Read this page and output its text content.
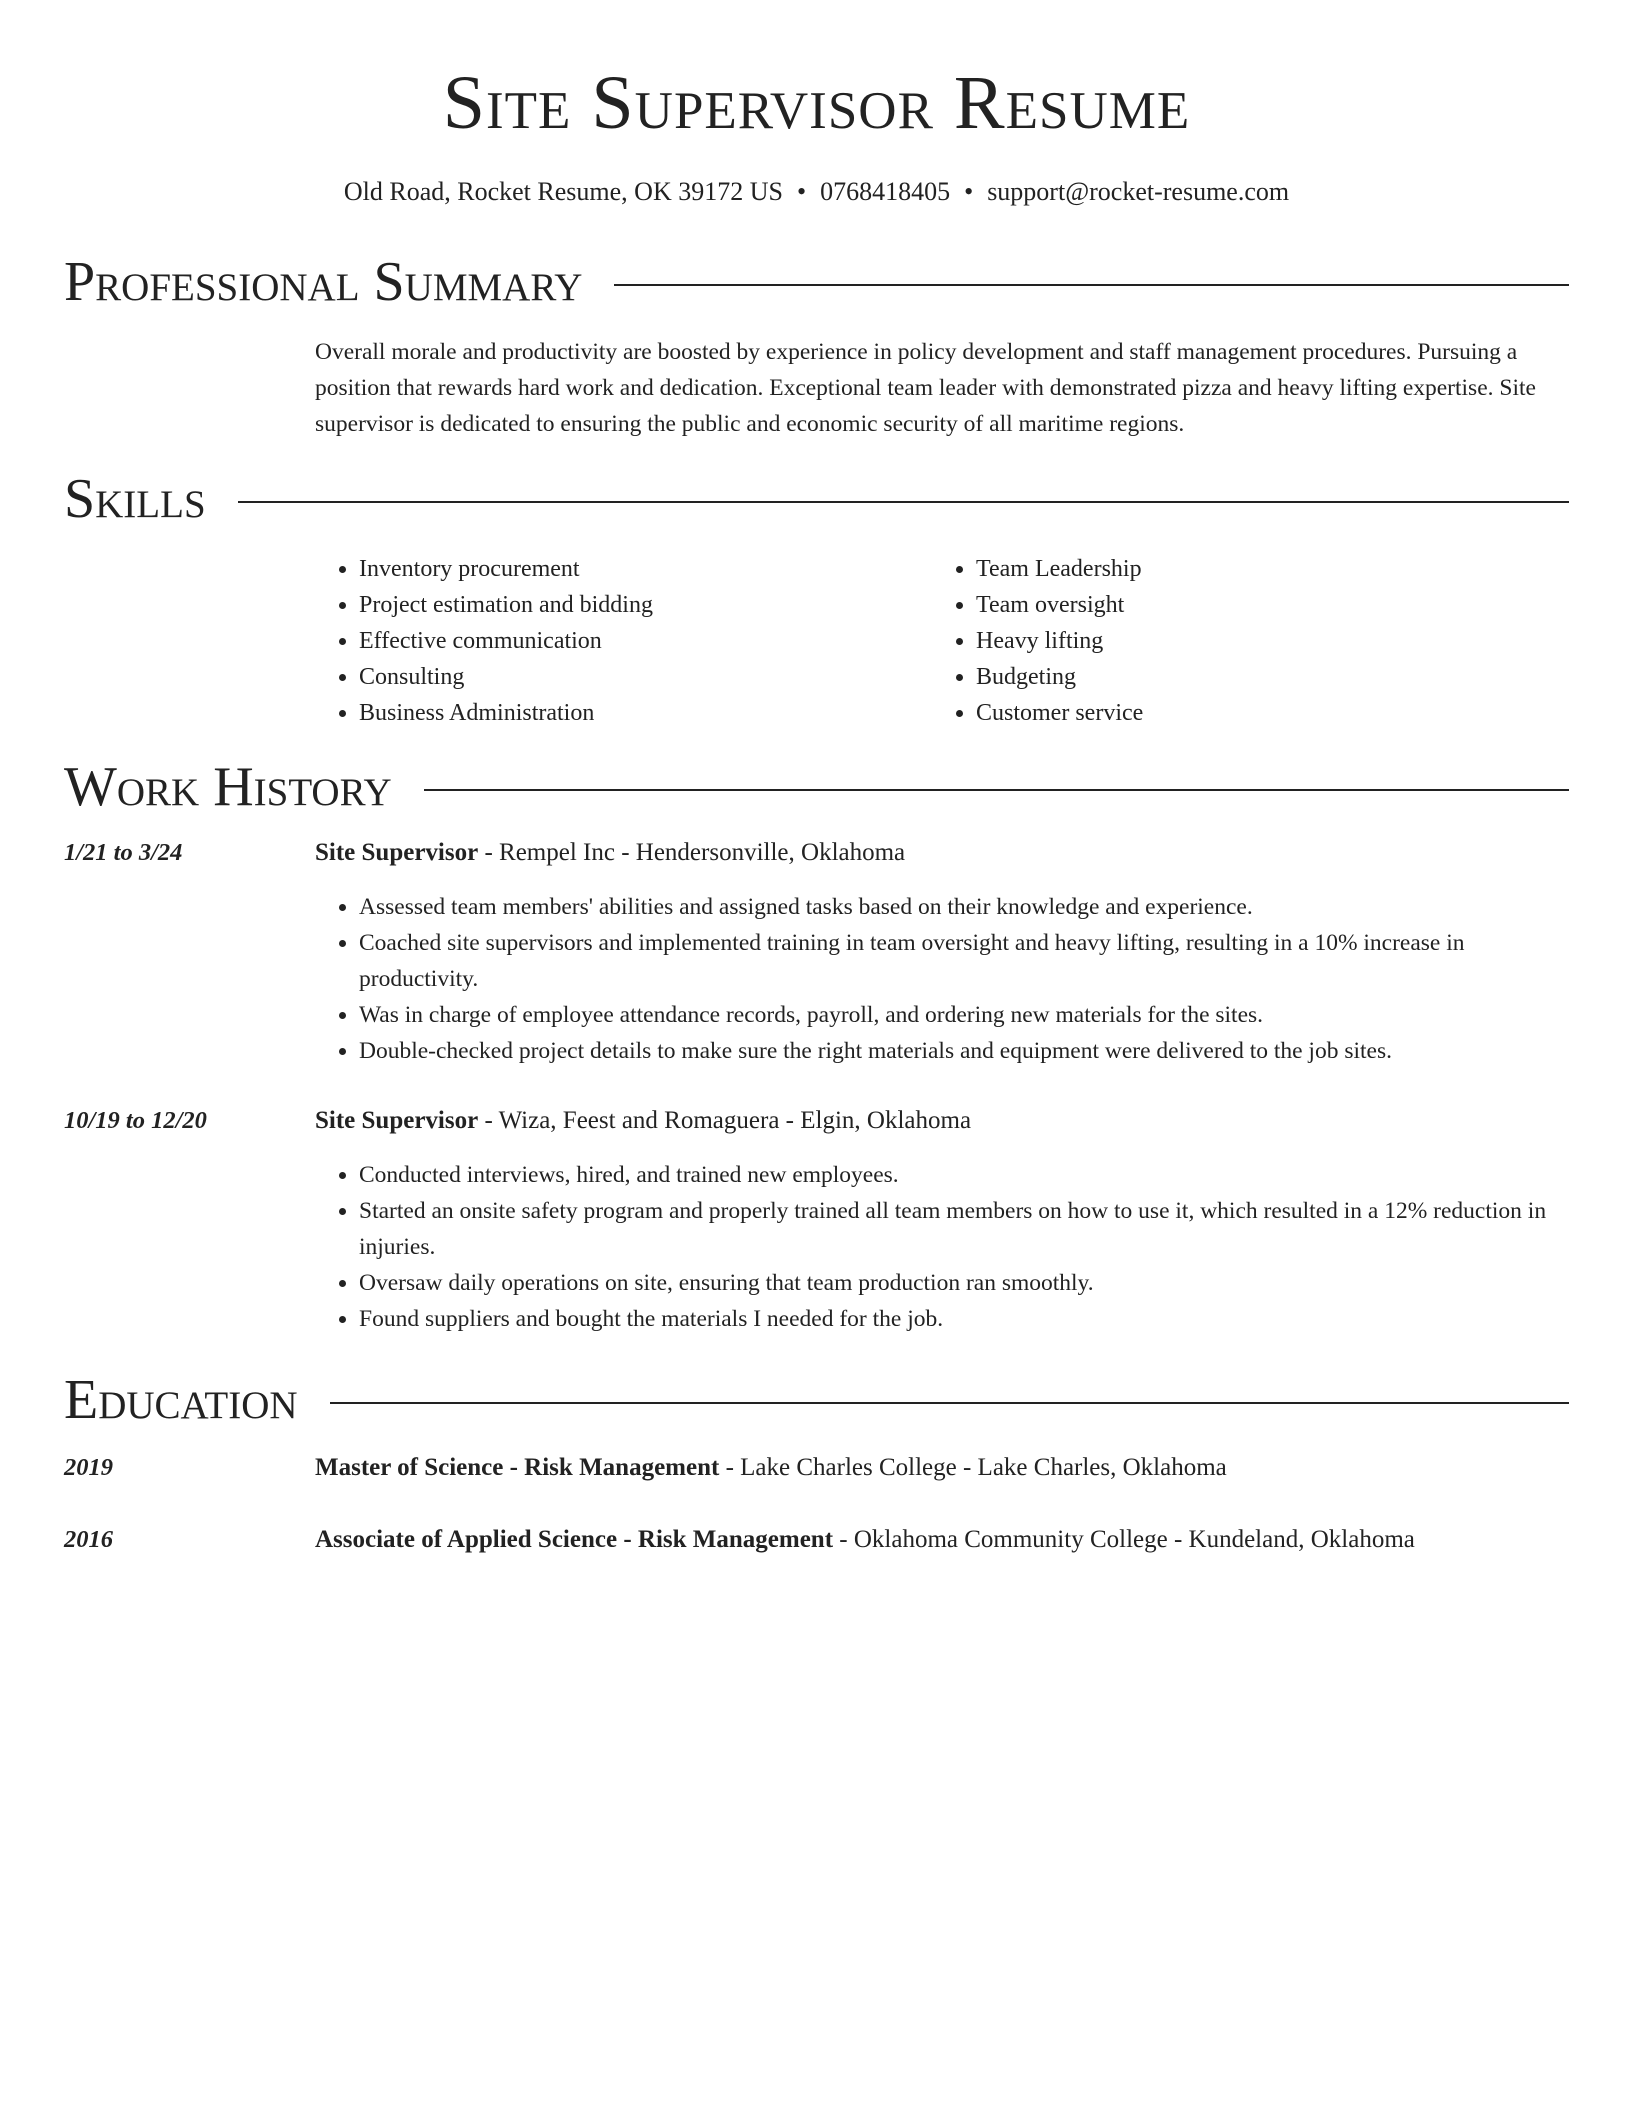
Site Supervisor Resume
Old Road, Rocket Resume, OK 39172 US • 0768418405 • support@rocket-resume.com
Professional Summary
Overall morale and productivity are boosted by experience in policy development and staff management procedures. Pursuing a position that rewards hard work and dedication. Exceptional team leader with demonstrated pizza and heavy lifting expertise. Site supervisor is dedicated to ensuring the public and economic security of all maritime regions.
Skills
• Inventory procurement
• Project estimation and bidding
• Effective communication
• Consulting
• Business Administration
• Team Leadership
• Team oversight
• Heavy lifting
• Budgeting
• Customer service
Work History
1/21 to 3/24	Site Supervisor - Rempel Inc - Hendersonville, Oklahoma
• Assessed team members' abilities and assigned tasks based on their knowledge and experience.
• Coached site supervisors and implemented training in team oversight and heavy lifting, resulting in a 10% increase in productivity.
• Was in charge of employee attendance records, payroll, and ordering new materials for the sites.
• Double-checked project details to make sure the right materials and equipment were delivered to the job sites.
10/19 to 12/20	Site Supervisor - Wiza, Feest and Romaguera - Elgin, Oklahoma
• Conducted interviews, hired, and trained new employees.
• Started an onsite safety program and properly trained all team members on how to use it, which resulted in a 12% reduction in injuries.
• Oversaw daily operations on site, ensuring that team production ran smoothly.
• Found suppliers and bought the materials I needed for the job.
Education
2019	Master of Science - Risk Management - Lake Charles College - Lake Charles, Oklahoma
2016	Associate of Applied Science - Risk Management - Oklahoma Community College - Kundeland, Oklahoma
